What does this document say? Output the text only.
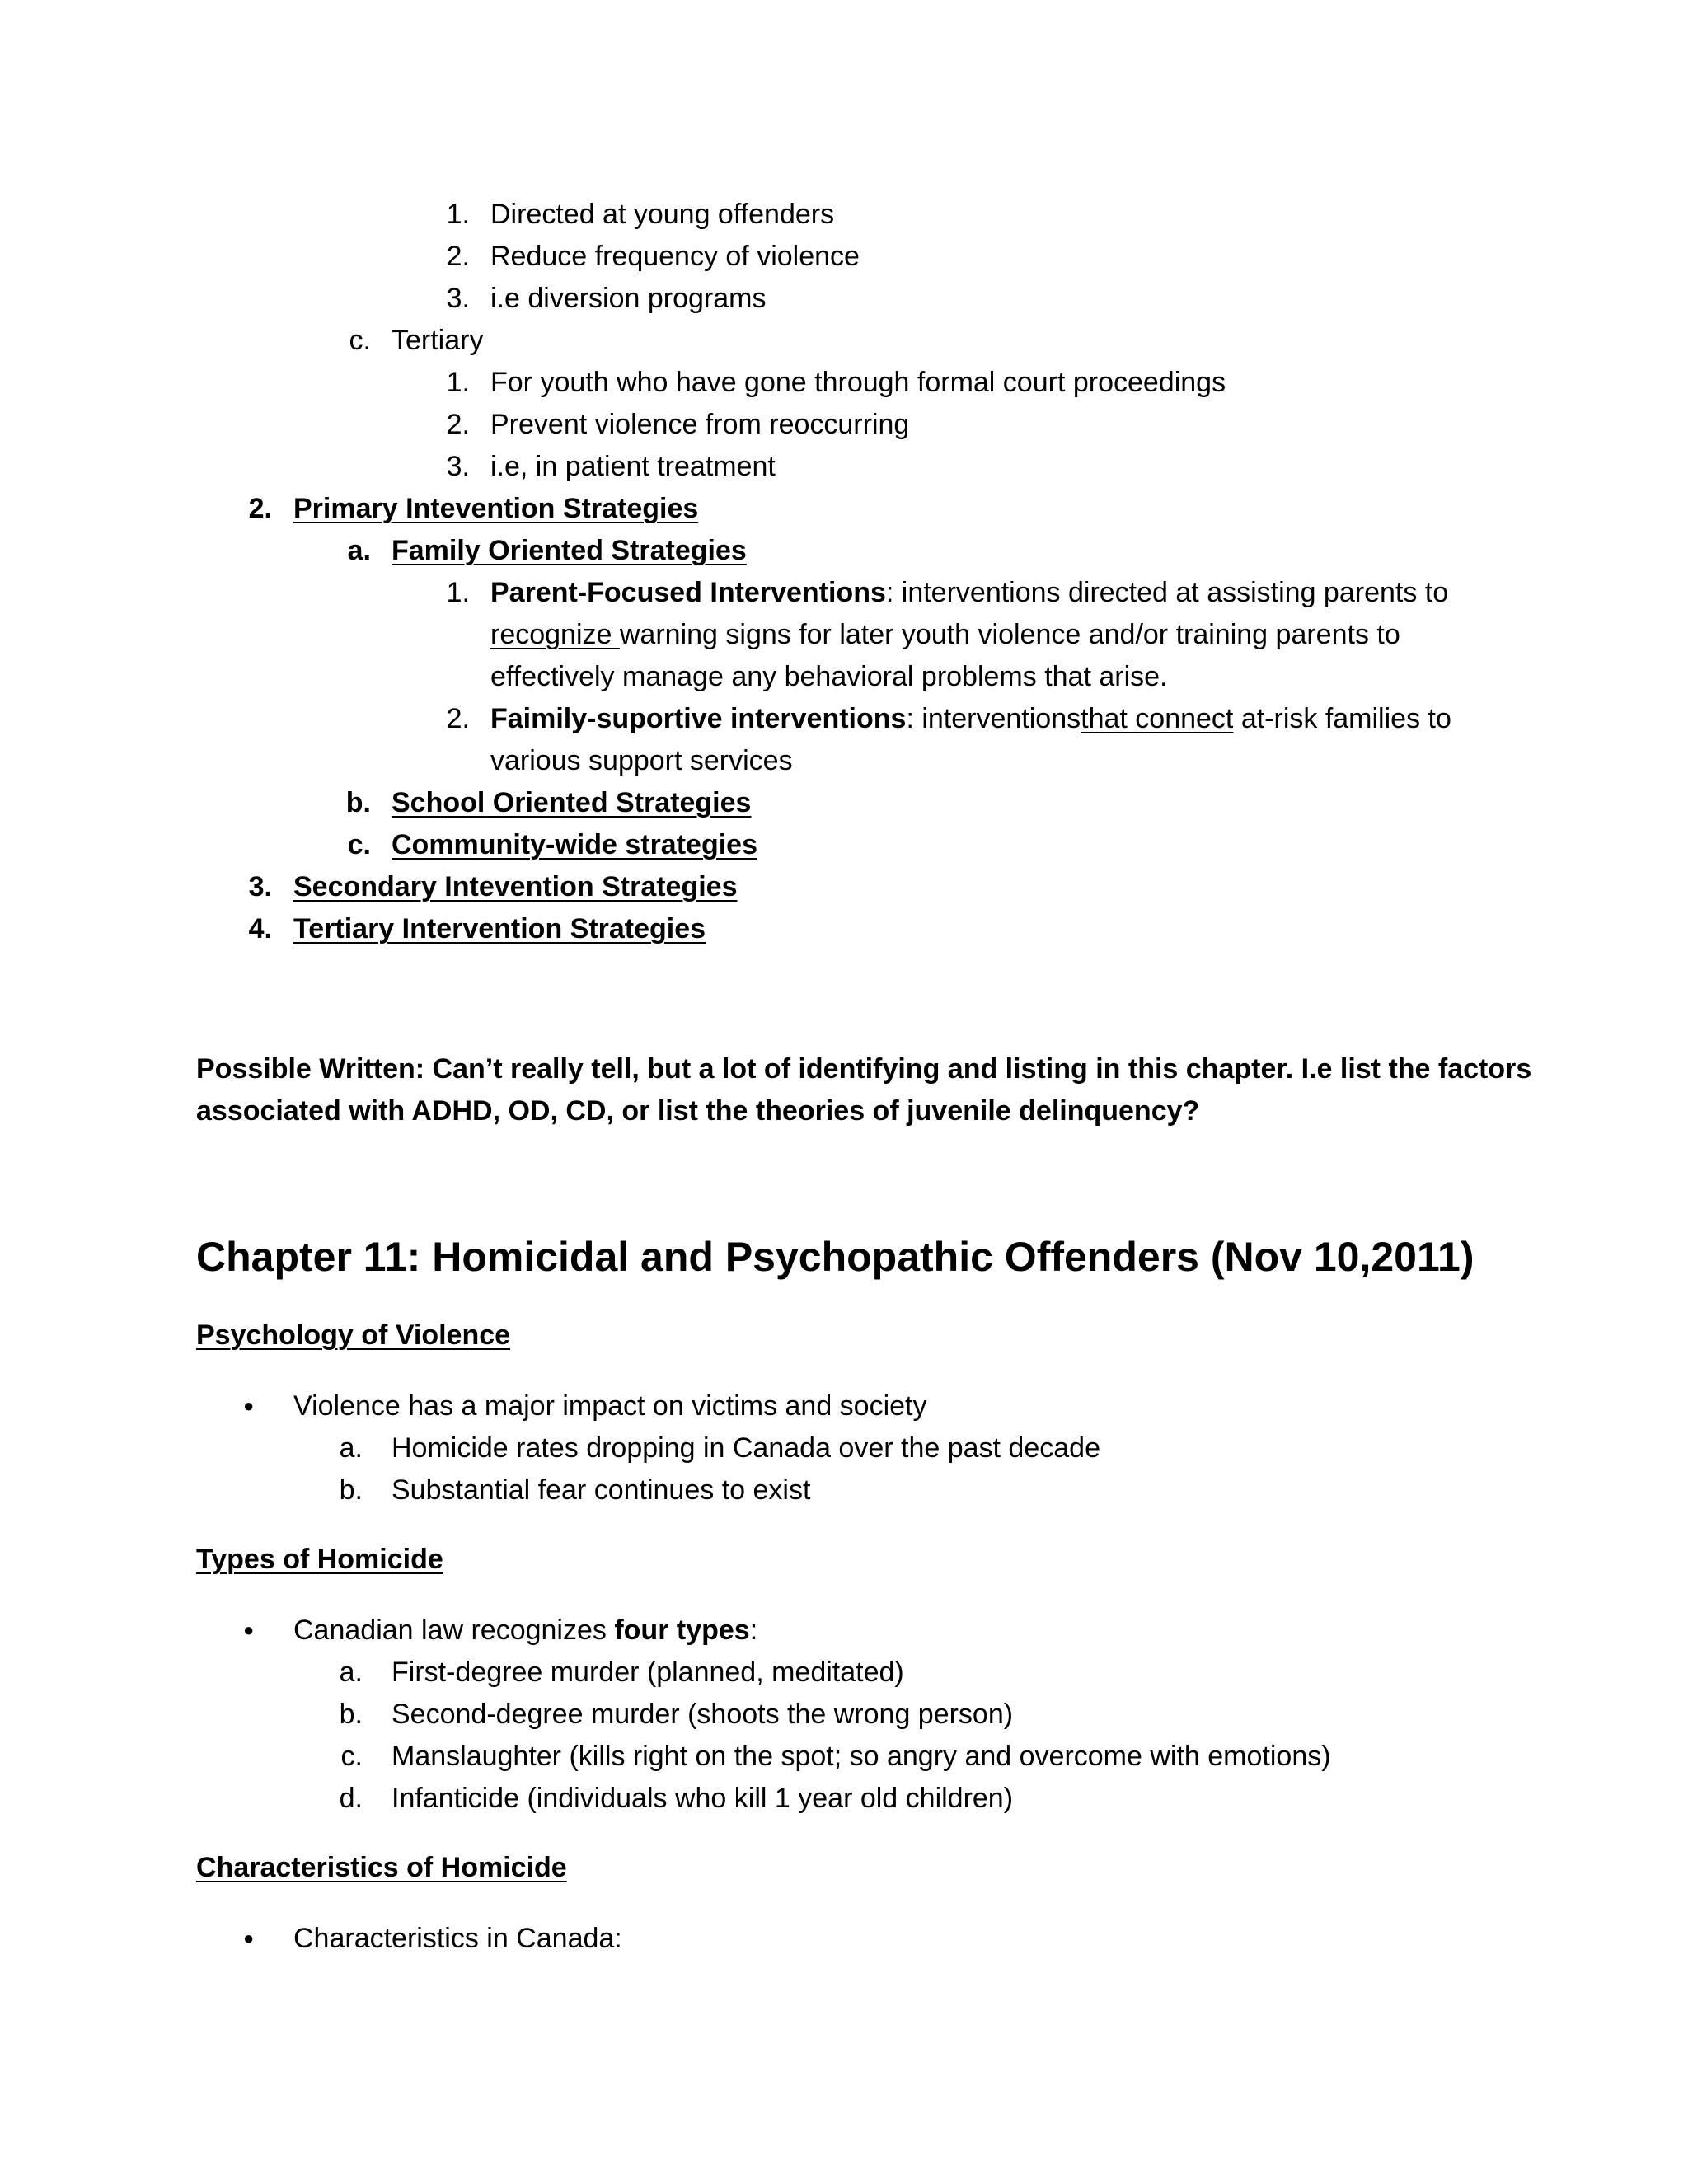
1. Directed at young offenders
2. Reduce frequency of violence
3. i.e diversion programs
c. Tertiary
1. For youth who have gone through formal court proceedings
2. Prevent violence from reoccurring
3. i.e, in patient treatment
2. Primary Intevention Strategies
a. Family Oriented Strategies
1. Parent-Focused Interventions: interventions directed at assisting parents to
recognize warning signs for later youth violence and/or training parents to
effectively manage any behavioral problems that arise.
2. Faimily-suportive interventions: interventionsthat connect at-risk families to
various support services
b. School Oriented Strategies
c. Community-wide strategies
3. Secondary Intevention Strategies
4. Tertiary Intervention Strategies
Possible Written: Can’t really tell, but a lot of identifying and listing in this chapter. I.e list the factors
associated with ADHD, OD, CD, or list the theories of juvenile delinquency?
Chapter 11: Homicidal and Psychopathic Offenders (Nov 10,2011)
Psychology of Violence
● Violence has a major impact on victims and society
a. Homicide rates dropping in Canada over the past decade
b. Substantial fear continues to exist
Types of Homicide
● Canadian law recognizes four types:
a. First-degree murder (planned, meditated)
b. Second-degree murder (shoots the wrong person)
c. Manslaughter (kills right on the spot; so angry and overcome with emotions)
d. Infanticide (individuals who kill 1 year old children)
Characteristics of Homicide
● Characteristics in Canada:
